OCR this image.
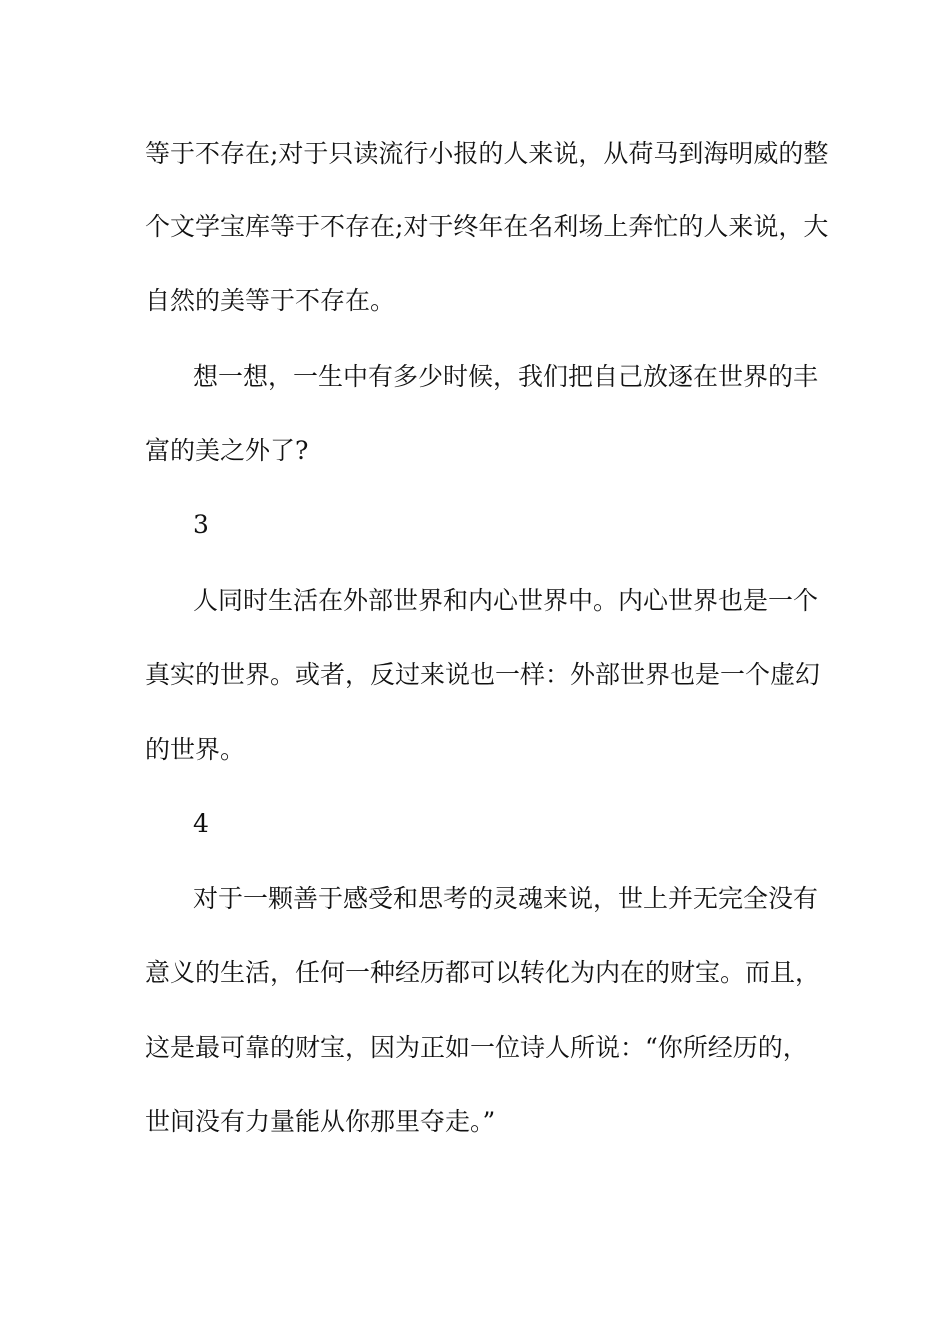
等于不存在;对于只读流行小报的人来说，从荷马到海明威的整
个文学宝库等于不存在;对于终年在名利场上奔忙的人来说，大
自然的美等于不存在。
想一想，一生中有多少时候，我们把自己放逐在世界的丰
富的美之外了?
3
人同时生活在外部世界和内心世界中。内心世界也是一个
真实的世界。或者，反过来说也一样：外部世界也是一个虚幻
的世界。
4
对于一颗善于感受和思考的灵魂来说，世上并无完全没有
意义的生活，任何一种经历都可以转化为内在的财宝。而且，
这是最可靠的财宝，因为正如一位诗人所说：“你所经历的，
世间没有力量能从你那里夺走。”
